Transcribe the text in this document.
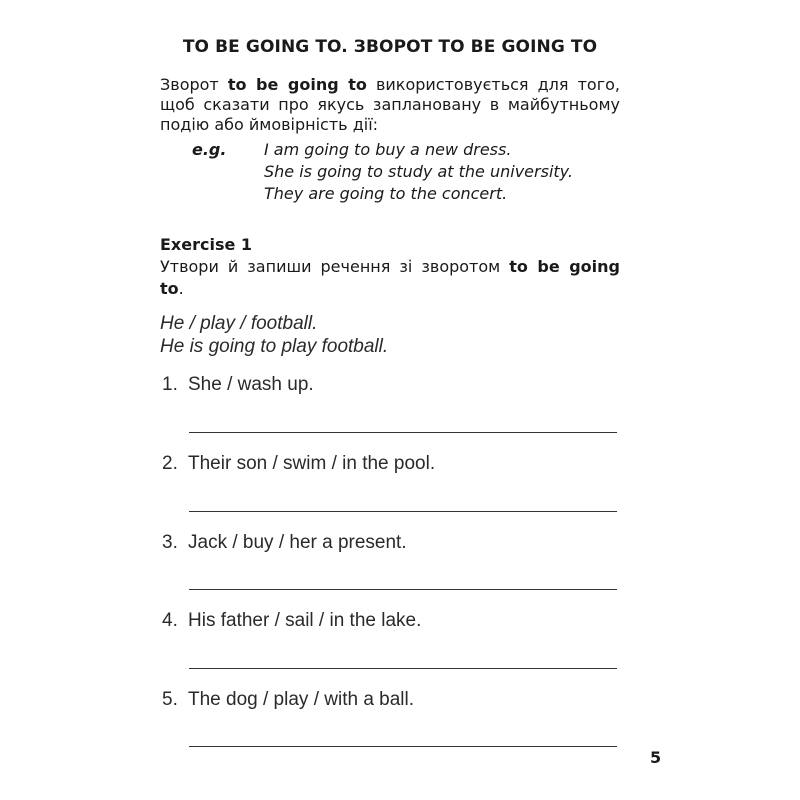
TO BE GOING TO. ЗВОРОТ TO BE GOING TO
Зворот to be going to використовується для того,
щоб сказати про якусь заплановану в майбутньому
подію або ймовірність дії:
e.g. I am going to buy a new dress.
She is going to study at the university.
They are going to the concert.
Exercise 1
Утвори й запиши речення зі зворотом to be going
to.
He / play / football.
He is going to play football.
1. She / wash up.
2. Their son / swim / in the pool.
3. Jack / buy / her a present.
4. His father / sail / in the lake.
5. The dog / play / with a ball.
5
